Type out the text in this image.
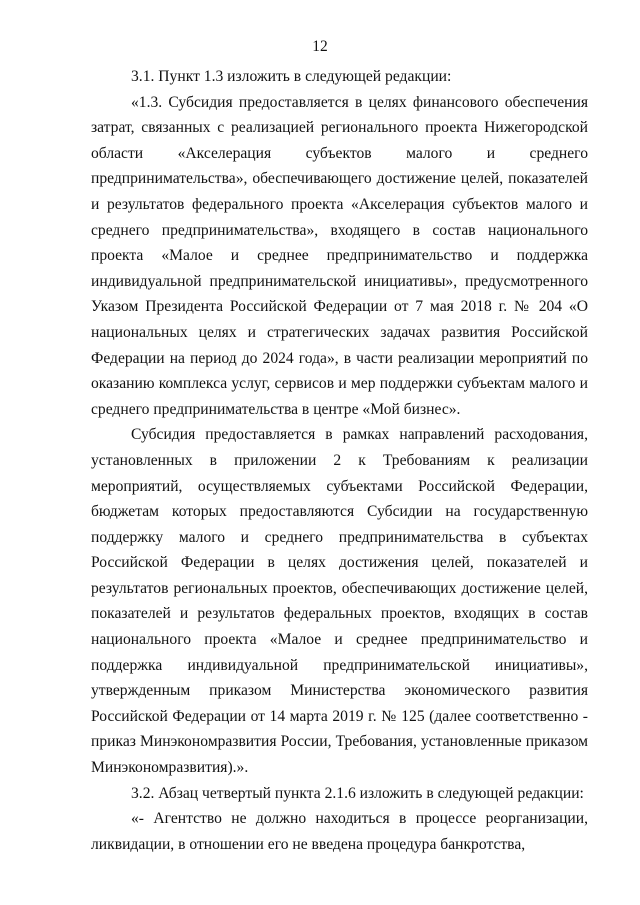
12

3.1. Пункт 1.3 изложить в следующей редакции:

«1.3. Субсидия предоставляется в целях финансового обеспечения затрат, связанных с реализацией регионального проекта Нижегородской области «Акселерация субъектов малого и среднего предпринимательства», обеспечивающего достижение целей, показателей и результатов федерального проекта «Акселерация субъектов малого и среднего предпринимательства», входящего в состав национального проекта «Малое и среднее предпринимательство и поддержка индивидуальной предпринимательской инициативы», предусмотренного Указом Президента Российской Федерации от 7 мая 2018 г. № 204 «О национальных целях и стратегических задачах развития Российской Федерации на период до 2024 года», в части реализации мероприятий по оказанию комплекса услуг, сервисов и мер поддержки субъектам малого и среднего предпринимательства в центре «Мой бизнес».

Субсидия предоставляется в рамках направлений расходования, установленных в приложении 2 к Требованиям к реализации мероприятий, осуществляемых субъектами Российской Федерации, бюджетам которых предоставляются Субсидии на государственную поддержку малого и среднего предпринимательства в субъектах Российской Федерации в целях достижения целей, показателей и результатов региональных проектов, обеспечивающих достижение целей, показателей и результатов федеральных проектов, входящих в состав национального проекта «Малое и среднее предпринимательство и поддержка индивидуальной предпринимательской инициативы», утвержденным приказом Министерства экономического развития Российской Федерации от 14 марта 2019 г. № 125 (далее соответственно - приказ Минэкономразвития России, Требования, установленные приказом Минэкономразвития).».

3.2. Абзац четвертый пункта 2.1.6 изложить в следующей редакции:

«- Агентство не должно находиться в процессе реорганизации, ликвидации, в отношении его не введена процедура банкротства,
